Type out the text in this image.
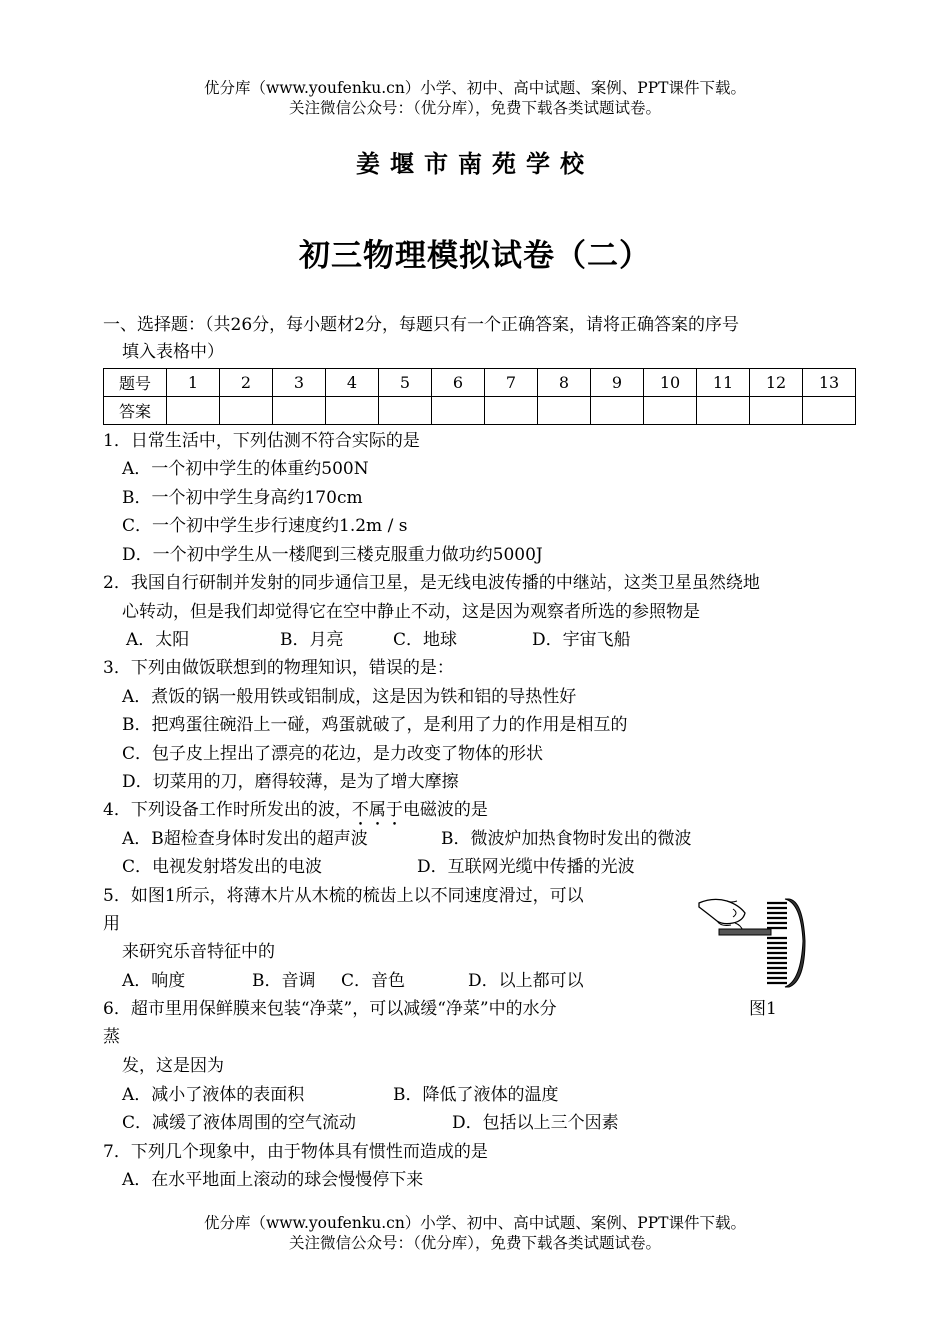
优分库（www.youfenku.cn）小学、初中、高中试题、案例、PPT课件下载。
关注微信公众号：（优分库），免费下载各类试题试卷。
姜堰市南苑学校
初三物理模拟试卷（二）
一、选择题：（共26分，每小题材2分，每题只有一个正确答案，请将正确答案的序号
填入表格中）
题号	1	2	3	4	5	6	7	8	9	10	11	12	13
答案													
1．日常生活中，下列估测不符合实际的是
A．一个初中学生的体重约500N
B．一个初中学生身高约170cm
C．一个初中学生步行速度约1.2m / s
D．一个初中学生从一楼爬到三楼克服重力做功约5000J
2．我国自行研制并发射的同步通信卫星，是无线电波传播的中继站，这类卫星虽然绕地
心转动，但是我们却觉得它在空中静止不动，这是因为观察者所选的参照物是
A．太阳	B．月亮	C．地球	D．宇宙飞船
3．下列由做饭联想到的物理知识，错误的是：
A．煮饭的锅一般用铁或铝制成，这是因为铁和铝的导热性好
B．把鸡蛋往碗沿上一碰，鸡蛋就破了，是利用了力的作用是相互的
C．包子皮上捏出了漂亮的花边，是力改变了物体的形状
D．切菜用的刀，磨得较薄，是为了增大摩擦
4．下列设备工作时所发出的波，不属于电磁波的是
A．B超检查身体时发出的超声波	B．微波炉加热食物时发出的微波
C．电视发射塔发出的电波	D．互联网光缆中传播的光波
5．如图1所示，将薄木片从木梳的梳齿上以不同速度滑过，可以
用
来研究乐音特征中的
A．响度	B．音调 C．音色	D．以上都可以
图1
6．超市里用保鲜膜来包装“净菜”，可以减缓“净菜”中的水分
蒸
发，这是因为
A．减小了液体的表面积	B．降低了液体的温度
C．减缓了液体周围的空气流动	D．包括以上三个因素
7．下列几个现象中，由于物体具有惯性而造成的是
A．在水平地面上滚动的球会慢慢停下来
优分库（www.youfenku.cn）小学、初中、高中试题、案例、PPT课件下载。
关注微信公众号：（优分库），免费下载各类试题试卷。
